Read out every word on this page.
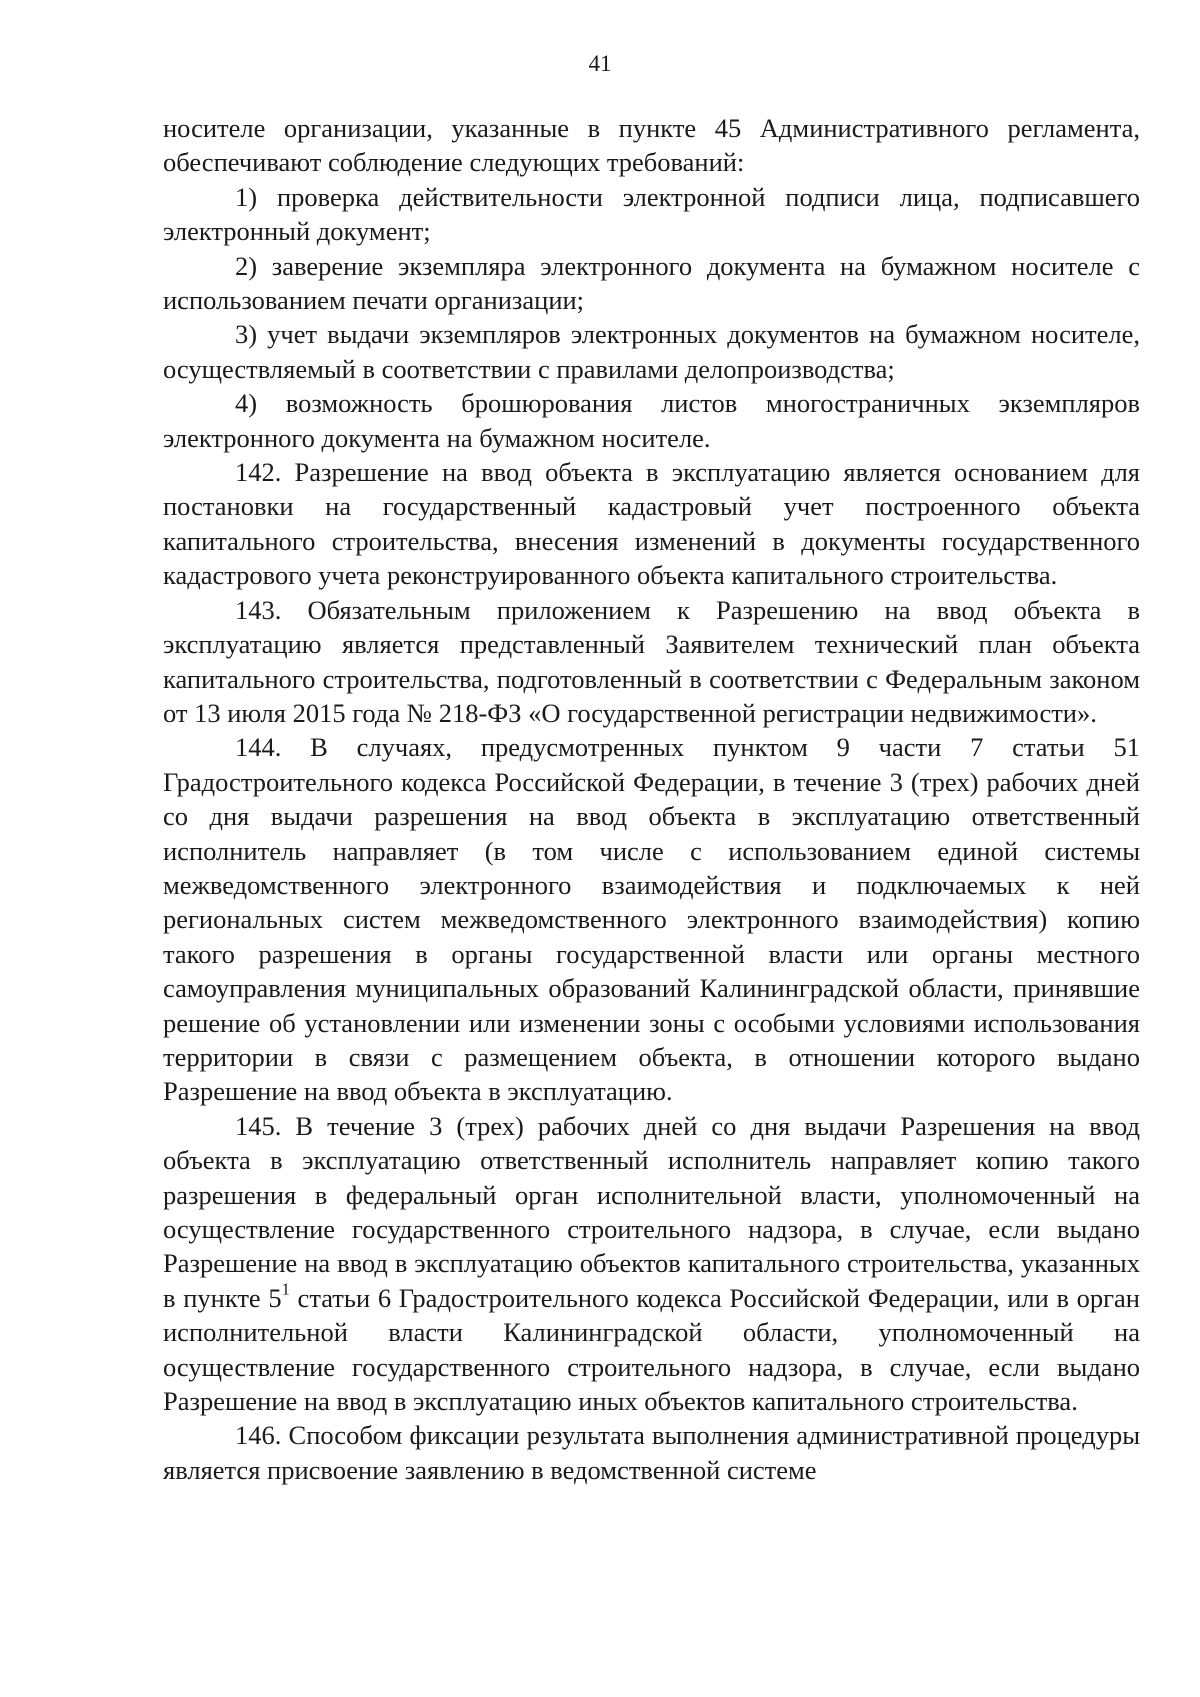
41

носителе организации, указанные в пункте 45 Административного регламента, обеспечивают соблюдение следующих требований:

1) проверка действительности электронной подписи лица, подписавшего электронный документ;

2) заверение экземпляра электронного документа на бумажном носителе с использованием печати организации;

3) учет выдачи экземпляров электронных документов на бумажном носителе, осуществляемый в соответствии с правилами делопроизводства;

4) возможность брошюрования листов многостраничных экземпляров электронного документа на бумажном носителе.

142. Разрешение на ввод объекта в эксплуатацию является основанием для постановки на государственный кадастровый учет построенного объекта капитального строительства, внесения изменений в документы государственного кадастрового учета реконструированного объекта капитального строительства.

143. Обязательным приложением к Разрешению на ввод объекта в эксплуатацию является представленный Заявителем технический план объекта капитального строительства, подготовленный в соответствии с Федеральным законом от 13 июля 2015 года № 218-ФЗ «О государственной регистрации недвижимости».

144. В случаях, предусмотренных пунктом 9 части 7 статьи 51 Градостроительного кодекса Российской Федерации, в течение 3 (трех) рабочих дней со дня выдачи разрешения на ввод объекта в эксплуатацию ответственный исполнитель направляет (в том числе с использованием единой системы межведомственного электронного взаимодействия и подключаемых к ней региональных систем межведомственного электронного взаимодействия) копию такого разрешения в органы государственной власти или органы местного самоуправления муниципальных образований Калининградской области, принявшие решение об установлении или изменении зоны с особыми условиями использования территории в связи с размещением объекта, в отношении которого выдано Разрешение на ввод объекта в эксплуатацию.

145. В течение 3 (трех) рабочих дней со дня выдачи Разрешения на ввод объекта в эксплуатацию ответственный исполнитель направляет копию такого разрешения в федеральный орган исполнительной власти, уполномоченный на осуществление государственного строительного надзора, в случае, если выдано Разрешение на ввод в эксплуатацию объектов капитального строительства, указанных в пункте $5^1$ статьи 6 Градостроительного кодекса Российской Федерации, или в орган исполнительной власти Калининградской области, уполномоченный на осуществление государственного строительного надзора, в случае, если выдано Разрешение на ввод в эксплуатацию иных объектов капитального строительства.

146. Способом фиксации результата выполнения административной процедуры является присвоение заявлению в ведомственной системе
